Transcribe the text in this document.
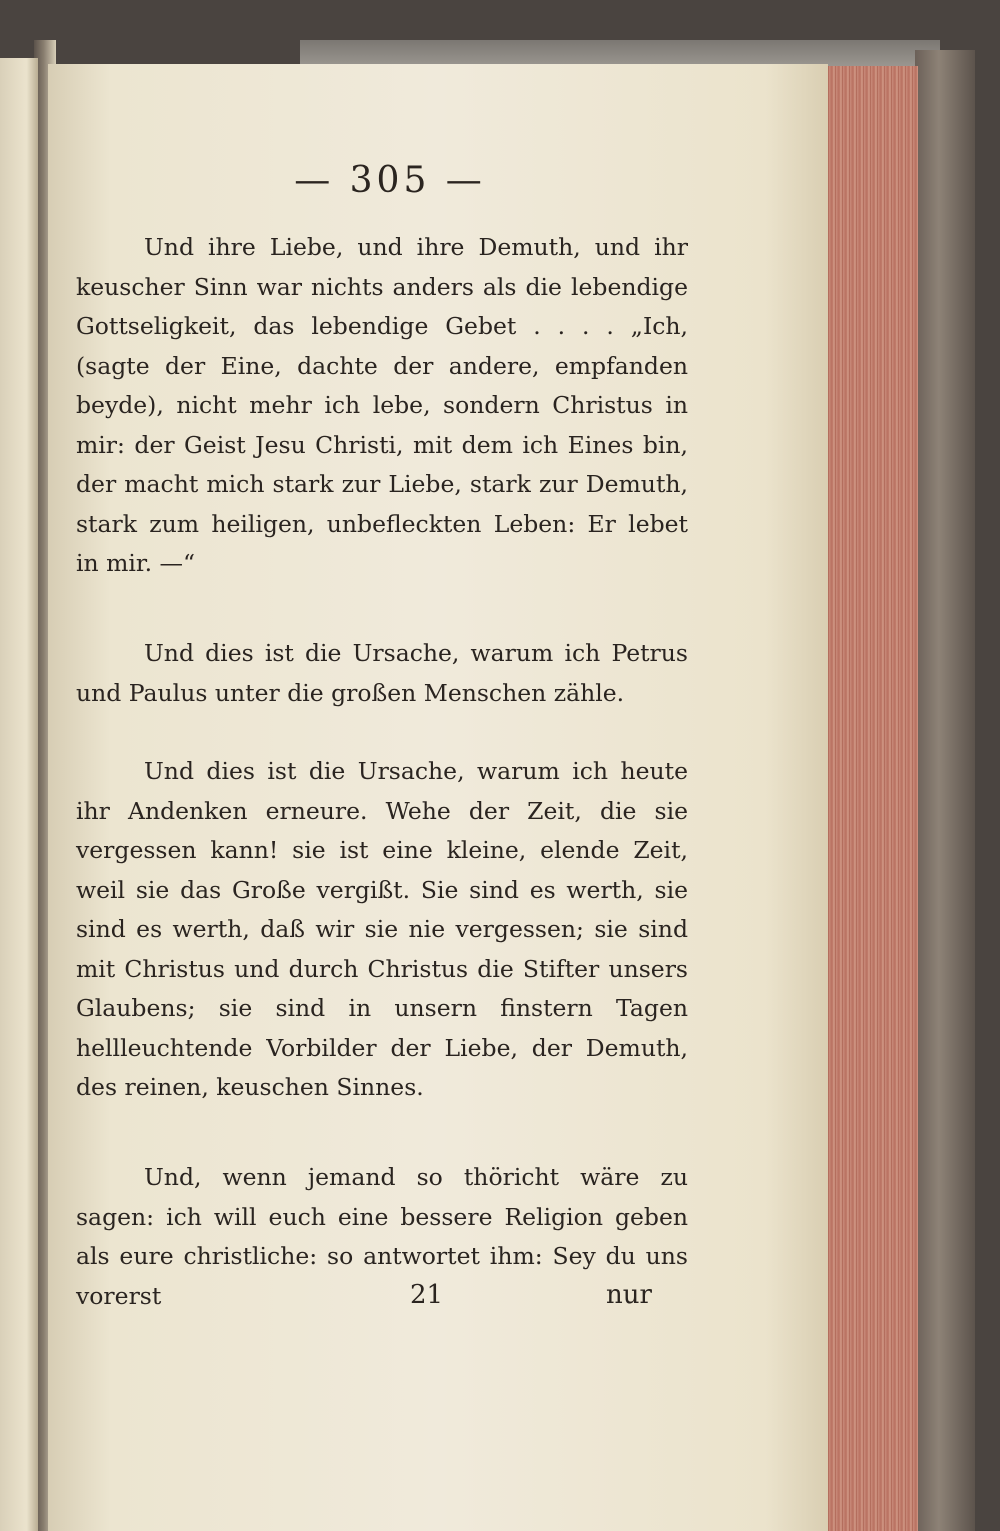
— 305 —

Und ihre Liebe, und ihre Demuth, und ihr keuscher Sinn war nichts anders als die lebendige Gottseligkeit, das lebendige Gebet . . . . „Ich, (sagte der Eine, dachte der andere, empfanden beyde), nicht mehr ich lebe, sondern Christus in mir: der Geist Jesu Christi, mit dem ich Eines bin, der macht mich stark zur Liebe, stark zur Demuth, stark zum heiligen, unbefleckten Leben: Er lebet in mir. —“

Und dies ist die Ursache, warum ich Petrus und Paulus unter die großen Menschen zähle.

Und dies ist die Ursache, warum ich heute ihr Andenken erneure. Wehe der Zeit, die sie vergessen kann! sie ist eine kleine, elende Zeit, weil sie das Große vergißt. Sie sind es werth, sie sind es werth, daß wir sie nie vergessen; sie sind mit Christus und durch Christus die Stifter unsers Glaubens; sie sind in unsern finstern Tagen hellleuchtende Vorbilder der Liebe, der Demuth, des reinen, keuschen Sinnes.

Und, wenn jemand so thöricht wäre zu sagen: ich will euch eine bessere Religion geben als eure christliche: so antwortet ihm: Sey du uns vorerst	21	nur
